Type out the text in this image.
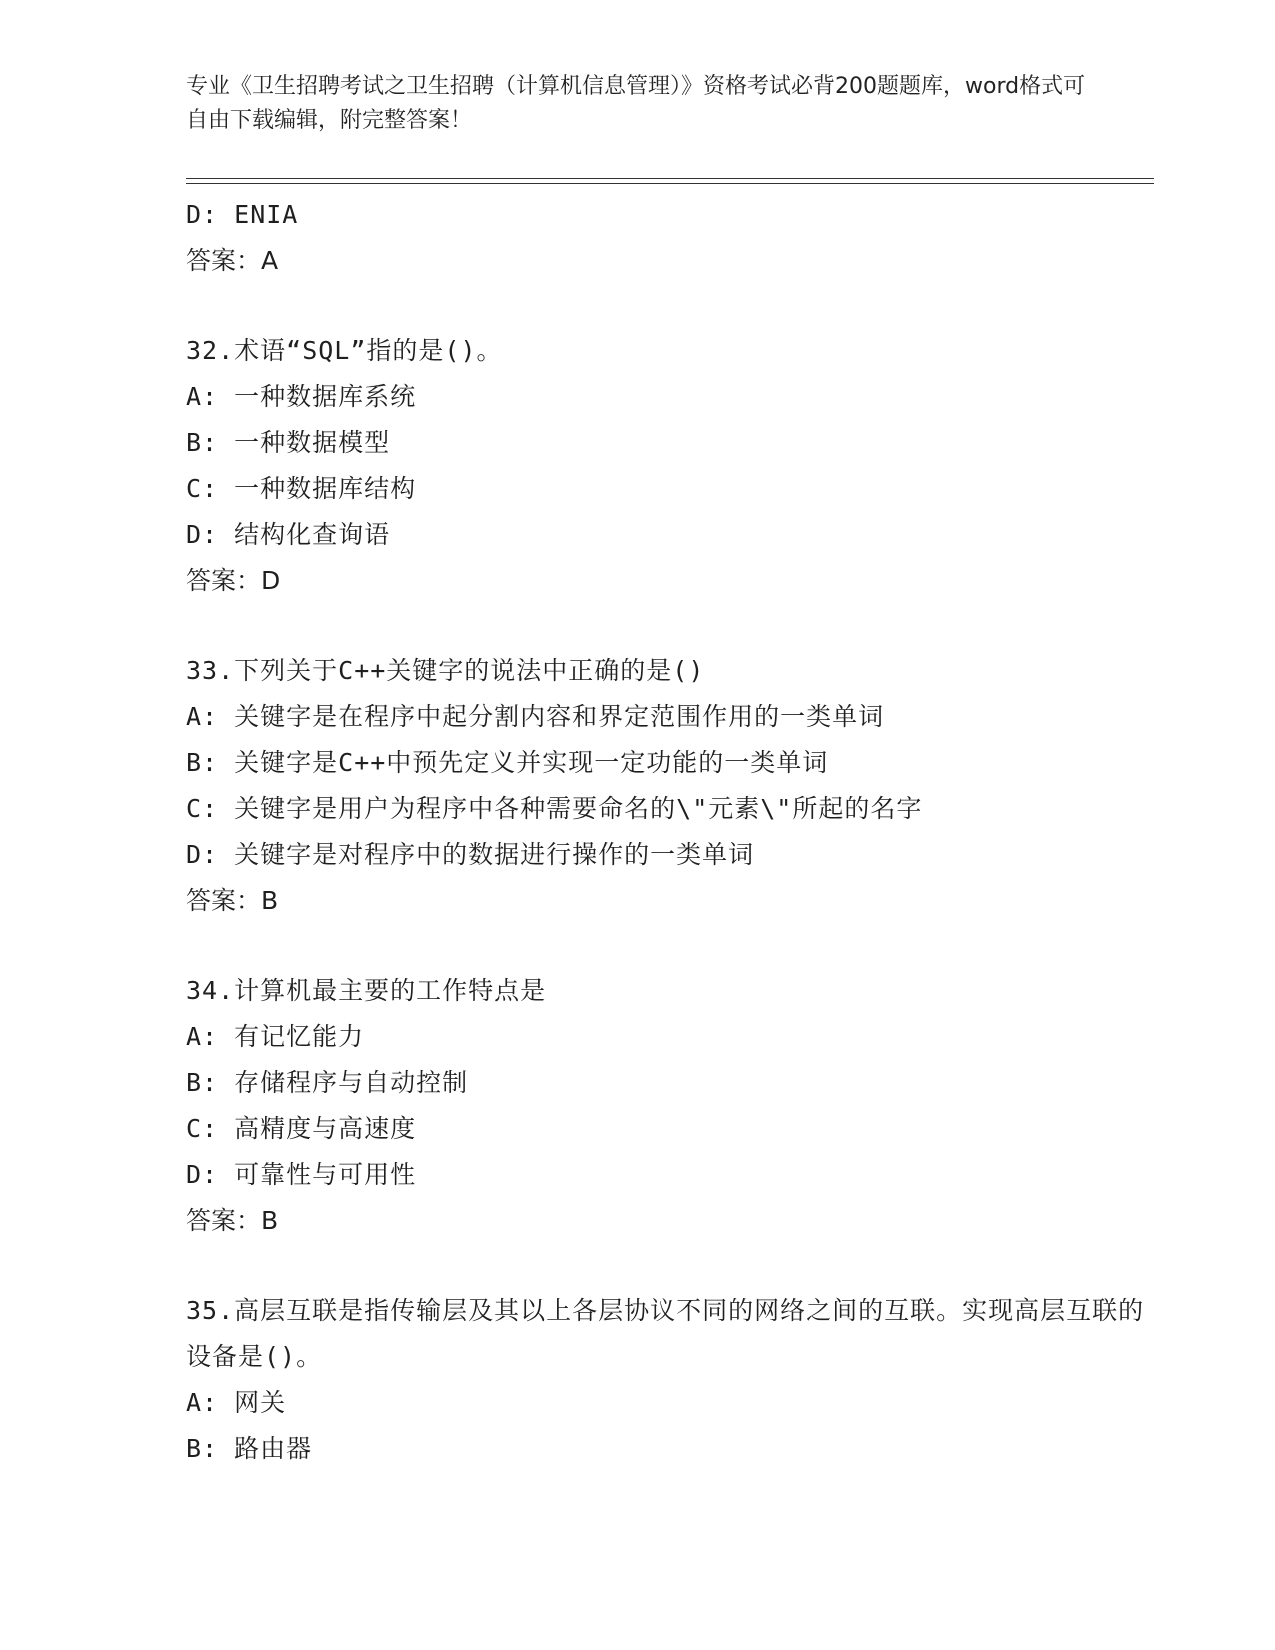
专业《卫生招聘考试之卫生招聘（计算机信息管理）》资格考试必背200题题库，word格式可自由下载编辑，附完整答案！
D: ENIA
答案：A
32.术语“SQL”指的是()。
A: 一种数据库系统
B: 一种数据模型
C: 一种数据库结构
D: 结构化查询语
答案：D
33.下列关于C++关键字的说法中正确的是()
A: 关键字是在程序中起分割内容和界定范围作用的一类单词
B: 关键字是C++中预先定义并实现一定功能的一类单词
C: 关键字是用户为程序中各种需要命名的\"元素\"所起的名字
D: 关键字是对程序中的数据进行操作的一类单词
答案：B
34.计算机最主要的工作特点是
A: 有记忆能力
B: 存储程序与自动控制
C: 高精度与高速度
D: 可靠性与可用性
答案：B
35.高层互联是指传输层及其以上各层协议不同的网络之间的互联。实现高层互联的设备是()。
A: 网关
B: 路由器
